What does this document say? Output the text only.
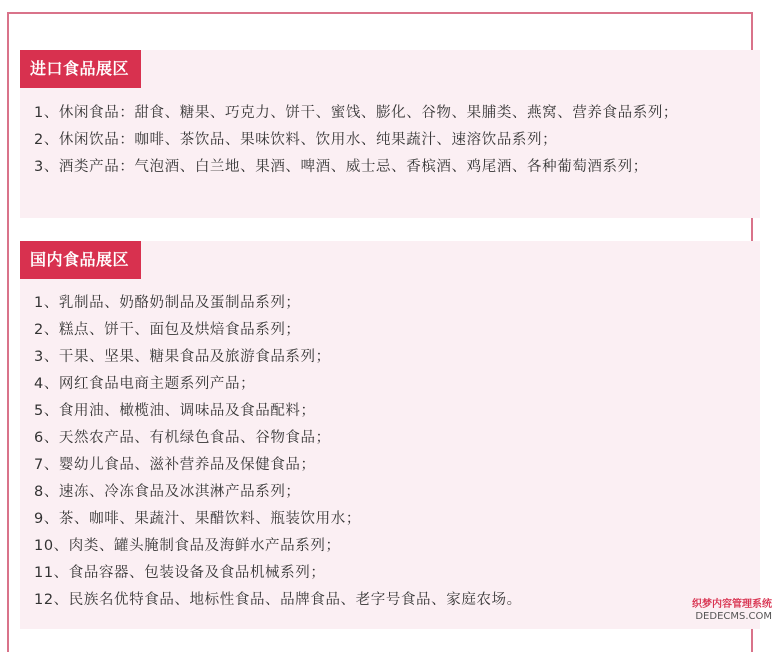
进口食品展区
1、休闲食品：甜食、糖果、巧克力、饼干、蜜饯、膨化、谷物、果脯类、燕窝、营养食品系列；
2、休闲饮品：咖啡、茶饮品、果味饮料、饮用水、纯果蔬汁、速溶饮品系列；
3、酒类产品：气泡酒、白兰地、果酒、啤酒、威士忌、香槟酒、鸡尾酒、各种葡萄酒系列；
国内食品展区
1、乳制品、奶酪奶制品及蛋制品系列；
2、糕点、饼干、面包及烘焙食品系列；
3、干果、坚果、糖果食品及旅游食品系列；
4、网红食品电商主题系列产品；
5、食用油、橄榄油、调味品及食品配料；
6、天然农产品、有机绿色食品、谷物食品；
7、婴幼儿食品、滋补营养品及保健食品；
8、速冻、冷冻食品及冰淇淋产品系列；
9、茶、咖啡、果蔬汁、果醋饮料、瓶装饮用水；
10、肉类、罐头腌制食品及海鲜水产品系列；
11、食品容器、包装设备及食品机械系列；
12、民族名优特食品、地标性食品、品牌食品、老字号食品、家庭农场。	织梦内容管理系统
DEDECMS.COM
